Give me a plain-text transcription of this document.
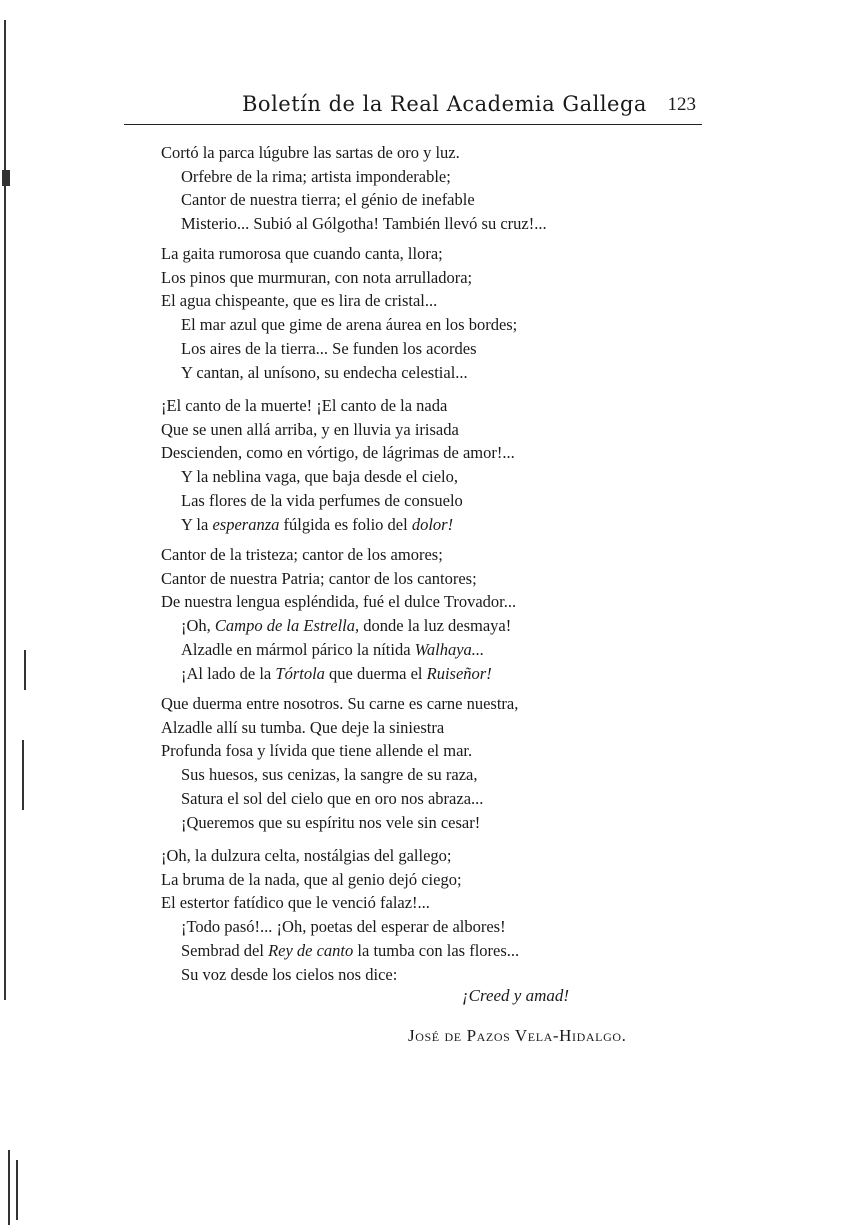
Boletín de la Real Academia Gallega 123
Cortó la parca lúgubre las sartas de oro y luz.
Orfebre de la rima; artista imponderable;
Cantor de nuestra tierra; el génio de inefable
Misterio... Subió al Gólgotha! También llevó su cruz!...
La gaita rumorosa que cuando canta, llora;
Los pinos que murmuran, con nota arrulladora;
El agua chispeante, que es lira de cristal...
El mar azul que gime de arena áurea en los bordes;
Los aires de la tierra... Se funden los acordes
Y cantan, al unísono, su endecha celestial...
¡El canto de la muerte! ¡El canto de la nada
Que se unen allá arriba, y en lluvia ya irisada
Descienden, como en vórtigo, de lágrimas de amor!...
Y la neblina vaga, que baja desde el cielo,
Las flores de la vida perfumes de consuelo
Y la esperanza fúlgida es folio del dolor!
Cantor de la tristeza; cantor de los amores;
Cantor de nuestra Patria; cantor de los cantores;
De nuestra lengua espléndida, fué el dulce Trovador...
¡Oh, Campo de la Estrella, donde la luz desmaya!
Alzadle en mármol párico la nítida Walhaya...
¡Al lado de la Tórtola que duerma el Ruiseñor!
Que duerma entre nosotros. Su carne es carne nuestra,
Alzadle allí su tumba. Que deje la siniestra
Profunda fosa y lívida que tiene allende el mar.
Sus huesos, sus cenizas, la sangre de su raza,
Satura el sol del cielo que en oro nos abraza...
¡Queremos que su espíritu nos vele sin cesar!
¡Oh, la dulzura celta, nostálgias del gallego;
La bruma de la nada, que al genio dejó ciego;
El estertor fatídico que le venció falaz!...
¡Todo pasó!... ¡Oh, poetas del esperar de albores!
Sembrad del Rey de canto la tumba con las flores...
Su voz desde los cielos nos dice:
¡Creed y amad!
José de Pazos Vela-Hidalgo.
